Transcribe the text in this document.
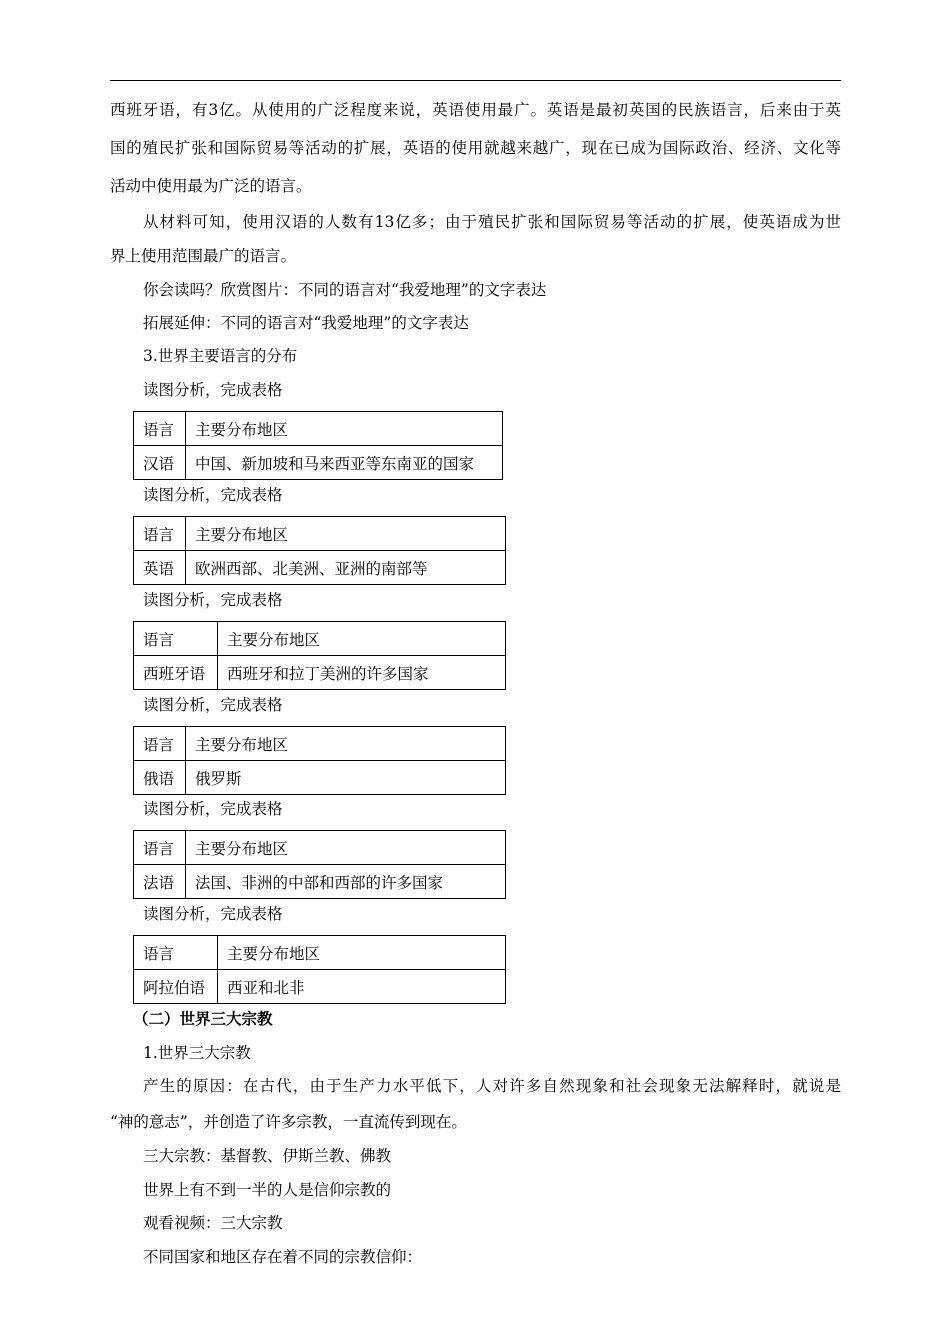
西班牙语，有3亿。从使用的广泛程度来说，英语使用最广。英语是最初英国的民族语言，后来由于英
国的殖民扩张和国际贸易等活动的扩展，英语的使用就越来越广，现在已成为国际政治、经济、文化等
活动中使用最为广泛的语言。
从材料可知，使用汉语的人数有13亿多；由于殖民扩张和国际贸易等活动的扩展，使英语成为世
界上使用范围最广的语言。
你会读吗？欣赏图片：不同的语言对“我爱地理”的文字表达
拓展延伸：不同的语言对“我爱地理”的文字表达
3.世界主要语言的分布
读图分析，完成表格
语言	主要分布地区
汉语	中国、新加坡和马来西亚等东南亚的国家
读图分析，完成表格
语言	主要分布地区
英语	欧洲西部、北美洲、亚洲的南部等
读图分析，完成表格
语言	主要分布地区
西班牙语	西班牙和拉丁美洲的许多国家
读图分析，完成表格
语言	主要分布地区
俄语	俄罗斯
读图分析，完成表格
语言	主要分布地区
法语	法国、非洲的中部和西部的许多国家
读图分析，完成表格
语言	主要分布地区
阿拉伯语	西亚和北非
（二）世界三大宗教
1.世界三大宗教
产生的原因：在古代，由于生产力水平低下，人对许多自然现象和社会现象无法解释时，就说是
“神的意志”，并创造了许多宗教，一直流传到现在。
三大宗教：基督教、伊斯兰教、佛教
世界上有不到一半的人是信仰宗教的
观看视频：三大宗教
不同国家和地区存在着不同的宗教信仰：
